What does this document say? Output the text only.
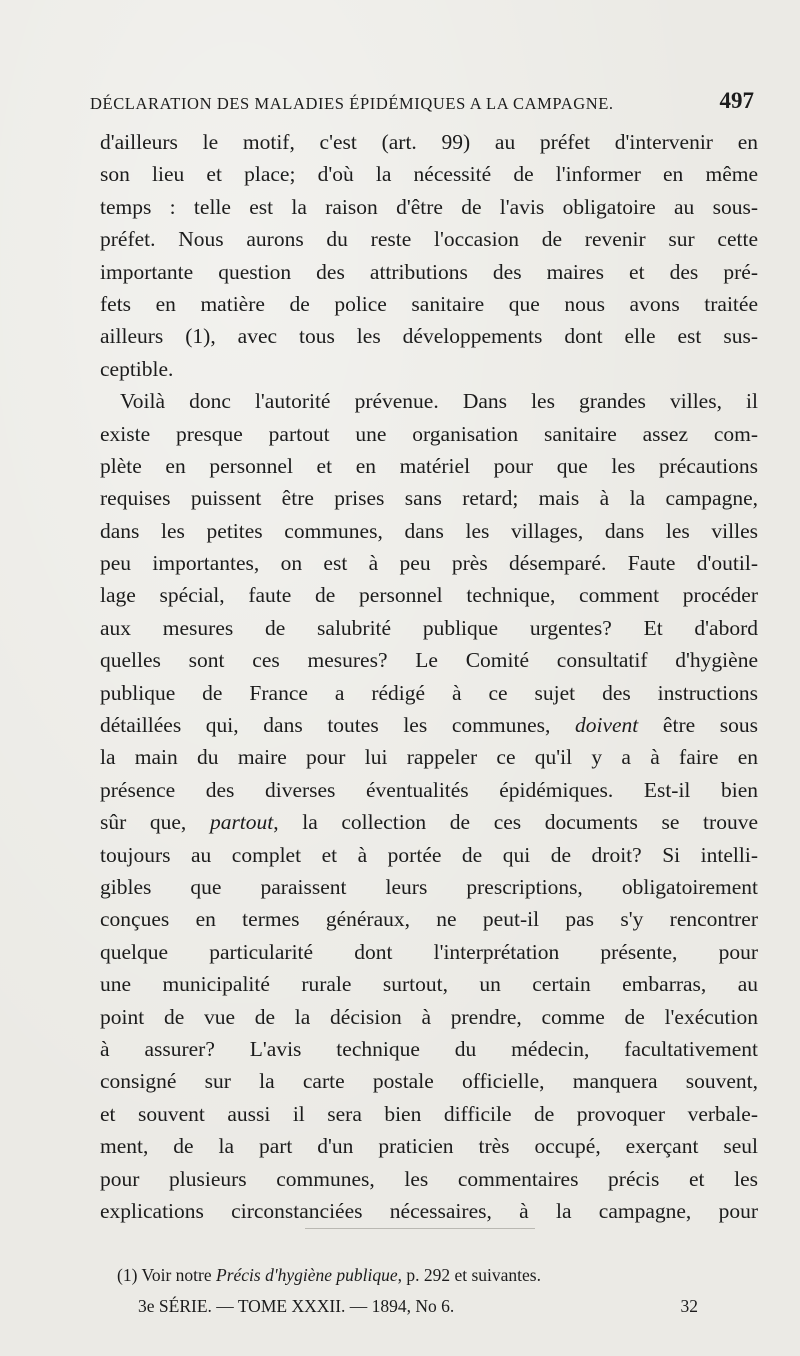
DÉCLARATION DES MALADIES ÉPIDÉMIQUES A LA CAMPAGNE.	497
d'ailleurs le motif, c'est (art. 99) au préfet d'intervenir en
son lieu et place; d'où la nécessité de l'informer en même
temps : telle est la raison d'être de l'avis obligatoire au sous-
préfet. Nous aurons du reste l'occasion de revenir sur cette
importante question des attributions des maires et des pré-
fets en matière de police sanitaire que nous avons traitée
ailleurs (1), avec tous les développements dont elle est sus-
ceptible.
Voilà donc l'autorité prévenue. Dans les grandes villes, il
existe presque partout une organisation sanitaire assez com-
plète en personnel et en matériel pour que les précautions
requises puissent être prises sans retard; mais à la campagne,
dans les petites communes, dans les villages, dans les villes
peu importantes, on est à peu près désemparé. Faute d'outil-
lage spécial, faute de personnel technique, comment procéder
aux mesures de salubrité publique urgentes? Et d'abord
quelles sont ces mesures? Le Comité consultatif d'hygiène
publique de France a rédigé à ce sujet des instructions
détaillées qui, dans toutes les communes, doivent être sous
la main du maire pour lui rappeler ce qu'il y a à faire en
présence des diverses éventualités épidémiques. Est-il bien
sûr que, partout, la collection de ces documents se trouve
toujours au complet et à portée de qui de droit? Si intelli-
gibles que paraissent leurs prescriptions, obligatoirement
conçues en termes généraux, ne peut-il pas s'y rencontrer
quelque particularité dont l'interprétation présente, pour
une municipalité rurale surtout, un certain embarras, au
point de vue de la décision à prendre, comme de l'exécution
à assurer? L'avis technique du médecin, facultativement
consigné sur la carte postale officielle, manquera souvent,
et souvent aussi il sera bien difficile de provoquer verbale-
ment, de la part d'un praticien très occupé, exerçant seul
pour plusieurs communes, les commentaires précis et les
explications circonstanciées nécessaires, à la campagne, pour
(1) Voir notre Précis d'hygiène publique, p. 292 et suivantes.
3e SÉRIE. — TOME XXXII. — 1894, No 6.	32
